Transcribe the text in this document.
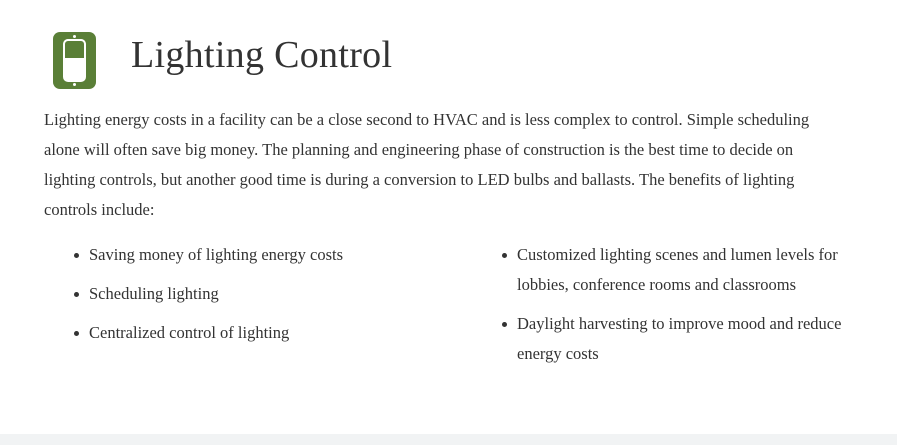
Lighting Control

Lighting energy costs in a facility can be a close second to HVAC and is less complex to control. Simple scheduling alone will often save big money. The planning and engineering phase of construction is the best time to decide on lighting controls, but another good time is during a conversion to LED bulbs and ballasts. The benefits of lighting controls include:

Saving money of lighting energy costs
Scheduling lighting
Centralized control of lighting
Customized lighting scenes and lumen levels for lobbies, conference rooms and classrooms
Daylight harvesting to improve mood and reduce energy costs
